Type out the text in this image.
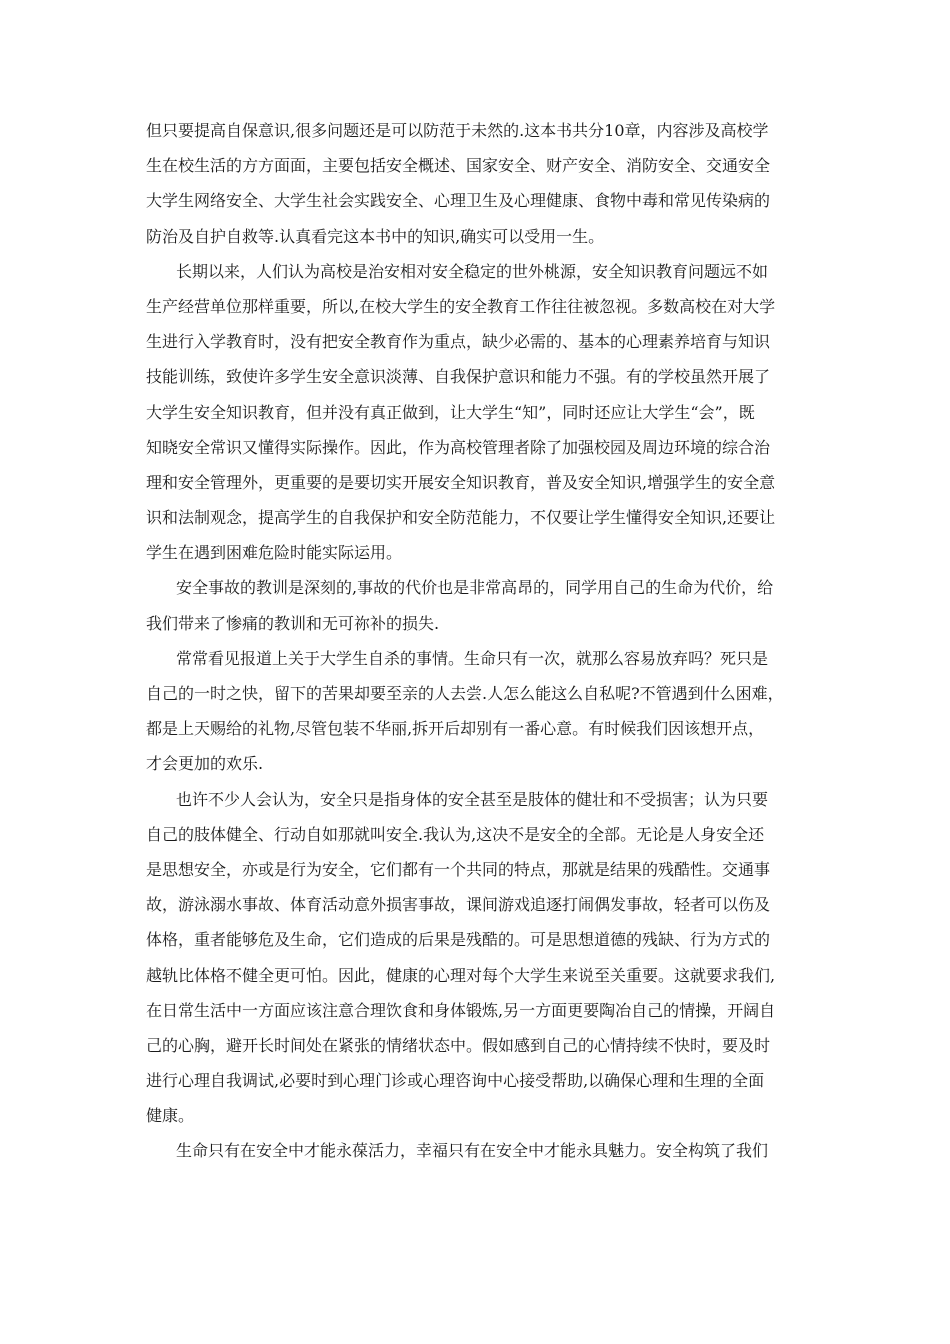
但只要提高自保意识,很多问题还是可以防范于未然的.这本书共分10章，内容涉及高校学
生在校生活的方方面面，主要包括安全概述、国家安全、财产安全、消防安全、交通安全
大学生网络安全、大学生社会实践安全、心理卫生及心理健康、食物中毒和常见传染病的
防治及自护自救等.认真看完这本书中的知识,确实可以受用一生。
长期以来，人们认为高校是治安相对安全稳定的世外桃源，安全知识教育问题远不如
生产经营单位那样重要，所以,在校大学生的安全教育工作往往被忽视。多数高校在对大学
生进行入学教育时，没有把安全教育作为重点，缺少必需的、基本的心理素养培育与知识
技能训练，致使许多学生安全意识淡薄、自我保护意识和能力不强。有的学校虽然开展了
大学生安全知识教育，但并没有真正做到，让大学生“知”，同时还应让大学生“会”，既
知晓安全常识又懂得实际操作。因此，作为高校管理者除了加强校园及周边环境的综合治
理和安全管理外，更重要的是要切实开展安全知识教育，普及安全知识,增强学生的安全意
识和法制观念，提高学生的自我保护和安全防范能力，不仅要让学生懂得安全知识,还要让
学生在遇到困难危险时能实际运用。
安全事故的教训是深刻的,事故的代价也是非常高昂的，同学用自己的生命为代价，给
我们带来了惨痛的教训和无可祢补的损失.
常常看见报道上关于大学生自杀的事情。生命只有一次，就那么容易放弃吗？死只是
自己的一时之快，留下的苦果却要至亲的人去尝.人怎么能这么自私呢?不管遇到什么困难，
都是上天赐给的礼物,尽管包装不华丽,拆开后却别有一番心意。有时候我们因该想开点，
才会更加的欢乐.
也许不少人会认为，安全只是指身体的安全甚至是肢体的健壮和不受损害；认为只要
自己的肢体健全、行动自如那就叫安全.我认为,这决不是安全的全部。无论是人身安全还
是思想安全，亦或是行为安全，它们都有一个共同的特点，那就是结果的残酷性。交通事
故，游泳溺水事故、体育活动意外损害事故，课间游戏追逐打闹偶发事故，轻者可以伤及
体格，重者能够危及生命，它们造成的后果是残酷的。可是思想道德的残缺、行为方式的
越轨比体格不健全更可怕。因此，健康的心理对每个大学生来说至关重要。这就要求我们,
在日常生活中一方面应该注意合理饮食和身体锻炼,另一方面更要陶冶自己的情操，开阔自
己的心胸，避开长时间处在紧张的情绪状态中。假如感到自己的心情持续不快时，要及时
进行心理自我调试,必要时到心理门诊或心理咨询中心接受帮助,以确保心理和生理的全面
健康。
生命只有在安全中才能永葆活力，幸福只有在安全中才能永具魅力。安全构筑了我们
